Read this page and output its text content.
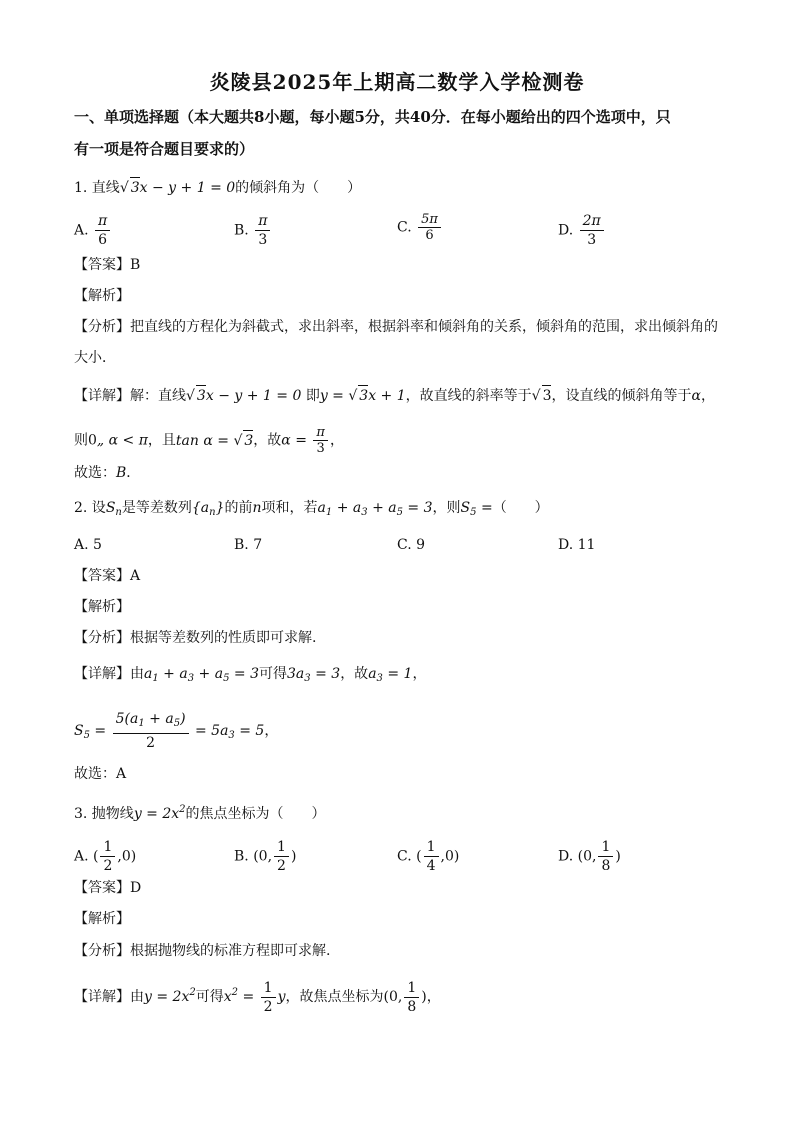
炎陵县2025年上期高二数学入学检测卷
一、单项选择题（本大题共8小题，每小题5分，共40分．在每小题给出的四个选项中，只
有一项是符合题目要求的）
1. 直线√ 3x − y + 1 = 0的倾斜角为（　　）
A. $\frac{\pi}{6}$	B. $\frac{\pi}{3}$	C. $\frac{5\pi}{6}$	D. $\frac{2\pi}{3}$
【答案】B
【解析】
【分析】把直线的方程化为斜截式，求出斜率，根据斜率和倾斜角的关系，倾斜角的范围，求出倾斜角的
大小．
【详解】解：直线√ 3x − y + 1 = 0 即y = √ 3x + 1，故直线的斜率等于√ 3，设直线的倾斜角等于α，
则0„ α < π，且tan α = √ 3，故$\alpha = \frac{\pi}{3}$ ，
故选：B．
2. 设$S_n$是等差数列$\{a_n\}$的前n项和，若$a_1 + a_3 + a_5 = 3$，则$S_5$ =（　　）
A. 5	B. 7	C. 9	D. 11
【答案】A
【解析】
【分析】根据等差数列的性质即可求解.
【详解】由$a_1 + a_3 + a_5 = 3$可得$3a_3 = 3$，故$a_3 = 1$，
$S_5 = \frac{5(a_1 + a_5)}{2} = 5a_3 = 5$，
故选：A
3. 抛物线$y = 2x^2$的焦点坐标为（　　）
A. ( $\frac{1}{2} ,0$)	B. (0, $\frac{1}{2}$ )	C. ( $\frac{1}{4} ,0$)	D. (0, $\frac{1}{8}$ )
【答案】D
【解析】
【分析】根据抛物线的标准方程即可求解.
【详解】由$y = 2x^2$可得$x^2 = \frac{1}{2}$ y，故焦点坐标为(0, $\frac{1}{8}$ )，
